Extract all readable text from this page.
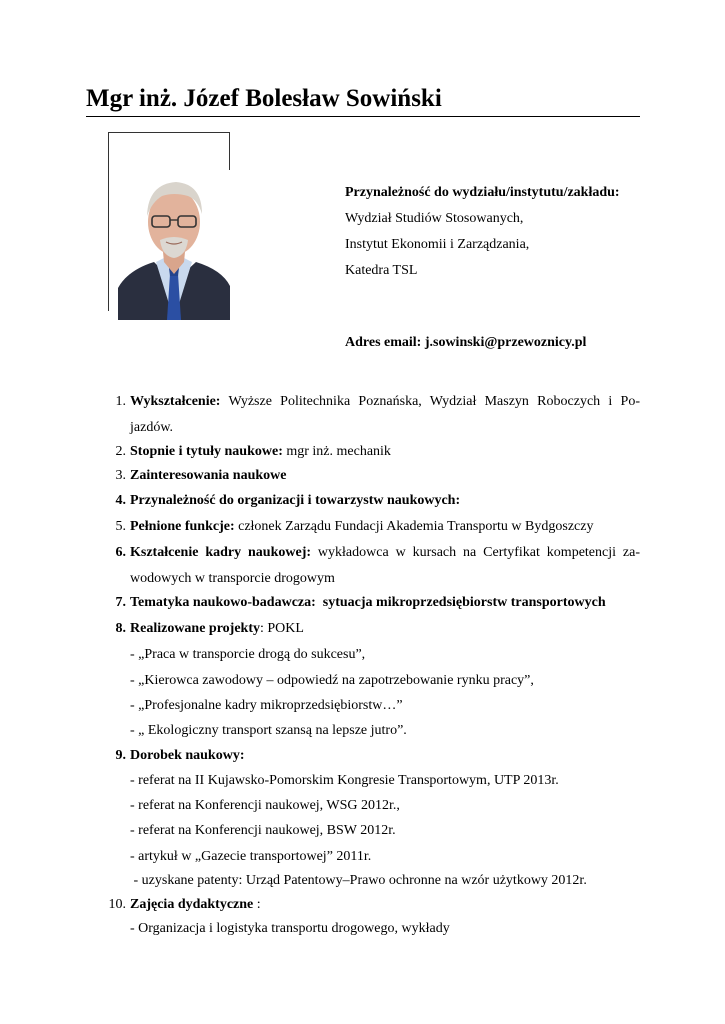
Mgr inż. Józef Bolesław Sowiński
Przynależność do wydziału/instytutu/zakładu:
Wydział Studiów Stosowanych,
Instytut Ekonomii i Zarządzania,
Katedra TSL
Adres email: j.sowinski@przewoznicy.pl
1. Wykształcenie: Wyższe Politechnika Poznańska, Wydział Maszyn Roboczych i Po-
jazdów.
2. Stopnie i tytuły naukowe: mgr inż. mechanik
3. Zainteresowania naukowe
4. Przynależność do organizacji i towarzystw naukowych:
5. Pełnione funkcje: członek Zarządu Fundacji Akademia Transportu w Bydgoszczy
6. Kształcenie kadry naukowej: wykładowca w kursach na Certyfikat kompetencji za-
wodowych w transporcie drogowym
7. Tematyka naukowo-badawcza:  sytuacja mikroprzedsiębiorstw transportowych
8. Realizowane projekty: POKL
- „Praca w transporcie drogą do sukcesu”,
- „Kierowca zawodowy – odpowiedź na zapotrzebowanie rynku pracy”,
- „Profesjonalne kadry mikroprzedsiębiorstw…”
- „ Ekologiczny transport szansą na lepsze jutro”.
9. Dorobek naukowy:
- referat na II Kujawsko-Pomorskim Kongresie Transportowym, UTP 2013r.
- referat na Konferencji naukowej, WSG 2012r.,
- referat na Konferencji naukowej, BSW 2012r.
- artykuł w „Gazecie transportowej” 2011r.
- uzyskane patenty: Urząd Patentowy–Prawo ochronne na wzór użytkowy 2012r.
10. Zajęcia dydaktyczne :
- Organizacja i logistyka transportu drogowego, wykłady
